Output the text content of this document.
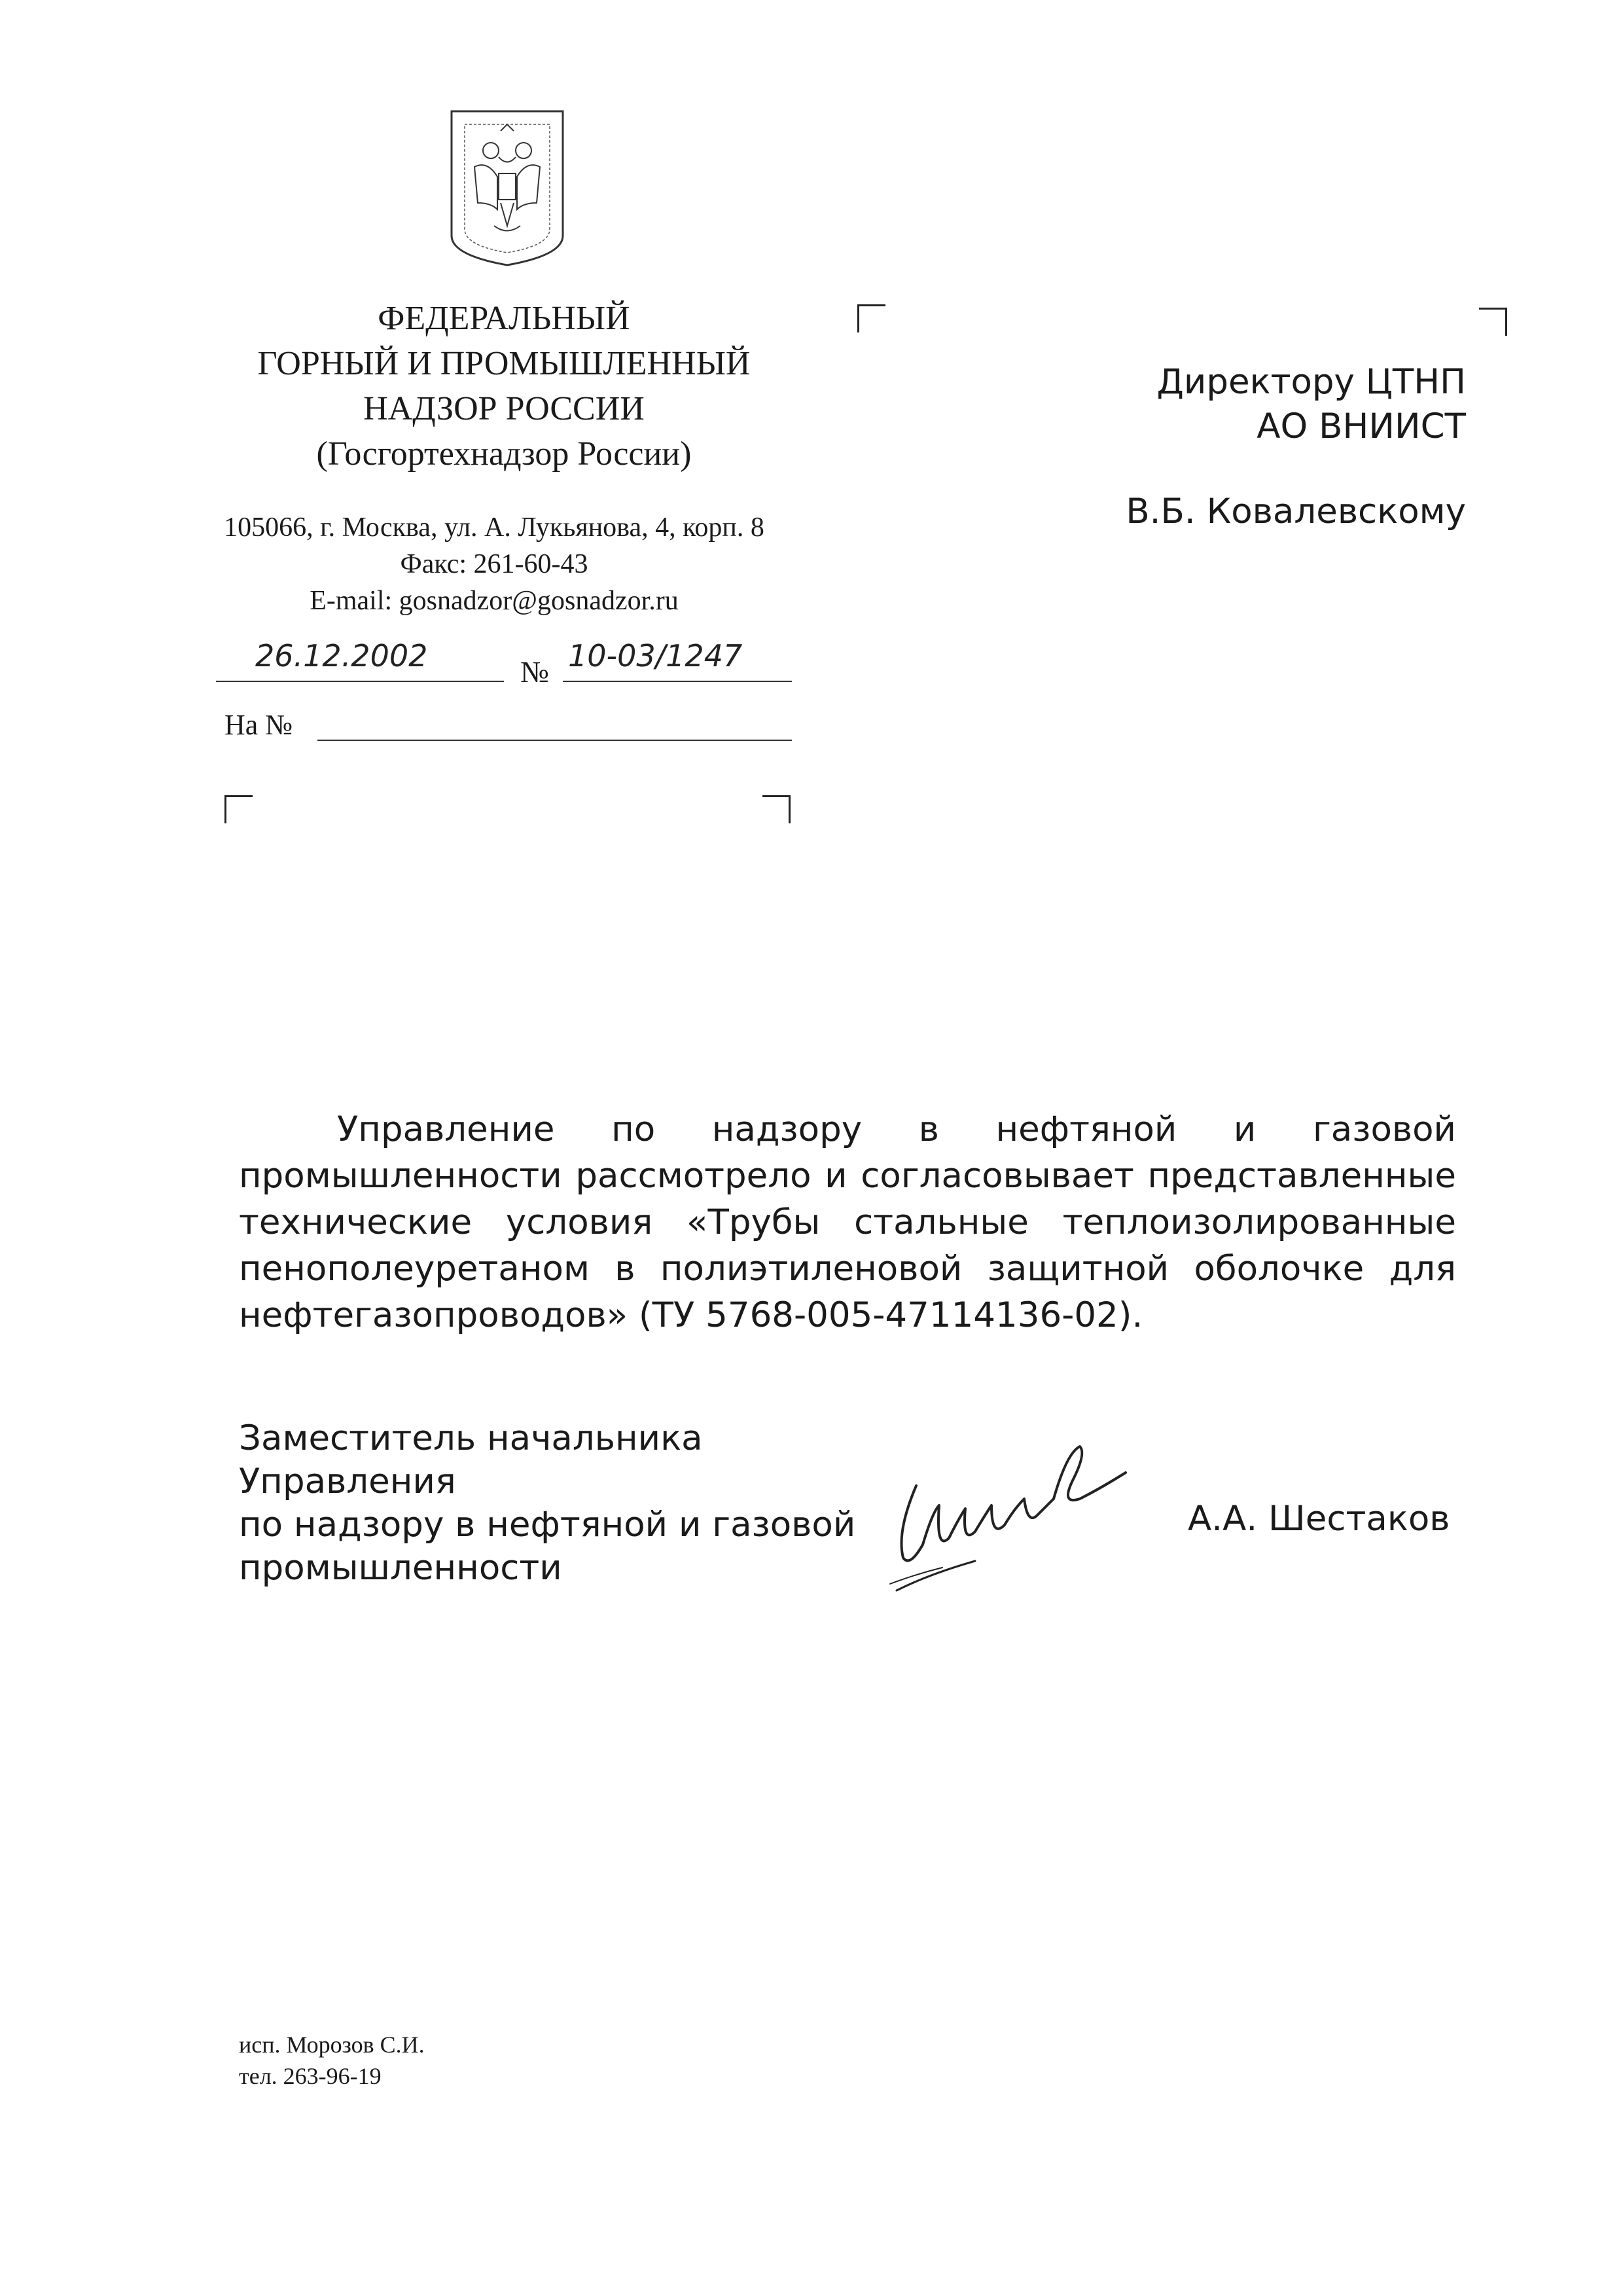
ФЕДЕРАЛЬНЫЙ
ГОРНЫЙ И ПРОМЫШЛЕННЫЙ
НАДЗОР РОССИИ
(Госгортехнадзор России)
105066, г. Москва, ул. А. Лукьянова, 4, корп. 8
Факс: 261-60-43
E-mail: gosnadzor@gosnadzor.ru
26.12.2002	№ 10-03/1247
На №
Директору ЦТНП
АО ВНИИСТ
В.Б. Ковалевскому

Управление по надзору в нефтяной и газовой промышленности рассмотрело и согласовывает представленные технические условия «Трубы стальные теплоизолированные пенополеуретаном в полиэтиленовой защитной оболочке для нефтегазопроводов» (ТУ 5768-005-47114136-02).

Заместитель начальника Управления
по надзору в нефтяной и газовой
промышленности
А.А. Шестаков
исп. Морозов С.И.
тел. 263-96-19
